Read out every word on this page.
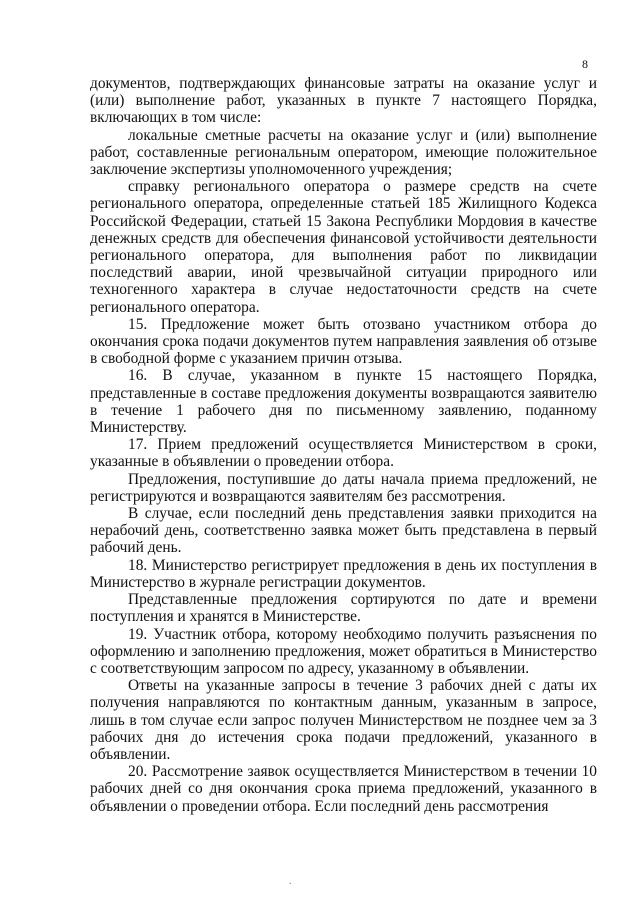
8

документов, подтверждающих финансовые затраты на оказание услуг и (или) выполнение работ, указанных в пункте 7 настоящего Порядка, включающих в том числе:

локальные сметные расчеты на оказание услуг и (или) выполнение работ, составленные региональным оператором, имеющие положительное заключение экспертизы уполномоченного учреждения;

справку регионального оператора о размере средств на счете регионального оператора, определенные статьей 185 Жилищного Кодекса Российской Федерации, статьей 15 Закона Республики Мордовия в качестве денежных средств для обеспечения финансовой устойчивости деятельности регионального оператора, для выполнения работ по ликвидации последствий аварии, иной чрезвычайной ситуации природного или техногенного характера в случае недостаточности средств на счете регионального оператора.

15. Предложение может быть отозвано участником отбора до окончания срока подачи документов путем направления заявления об отзыве в свободной форме с указанием причин отзыва.

16. В случае, указанном в пункте 15 настоящего Порядка, представленные в составе предложения документы возвращаются заявителю в течение 1 рабочего дня по письменному заявлению, поданному Министерству.

17. Прием предложений осуществляется Министерством в сроки, указанные в объявлении о проведении отбора.

Предложения, поступившие до даты начала приема предложений, не регистрируются и возвращаются заявителям без рассмотрения.

В случае, если последний день представления заявки приходится на нерабочий день, соответственно заявка может быть представлена в первый рабочий день.

18. Министерство регистрирует предложения в день их поступления в Министерство в журнале регистрации документов.

Представленные предложения сортируются по дате и времени поступления и хранятся в Министерстве.

19. Участник отбора, которому необходимо получить разъяснения по оформлению и заполнению предложения, может обратиться в Министерство с соответствующим запросом по адресу, указанному в объявлении.

Ответы на указанные запросы в течение 3 рабочих дней с даты их получения направляются по контактным данным, указанным в запросе, лишь в том случае если запрос получен Министерством не позднее чем за 3 рабочих дня до истечения срока подачи предложений, указанного в объявлении.

20. Рассмотрение заявок осуществляется Министерством в течении 10 рабочих дней со дня окончания срока приема предложений, указанного в объявлении о проведении отбора. Если последний день рассмотрения

.
